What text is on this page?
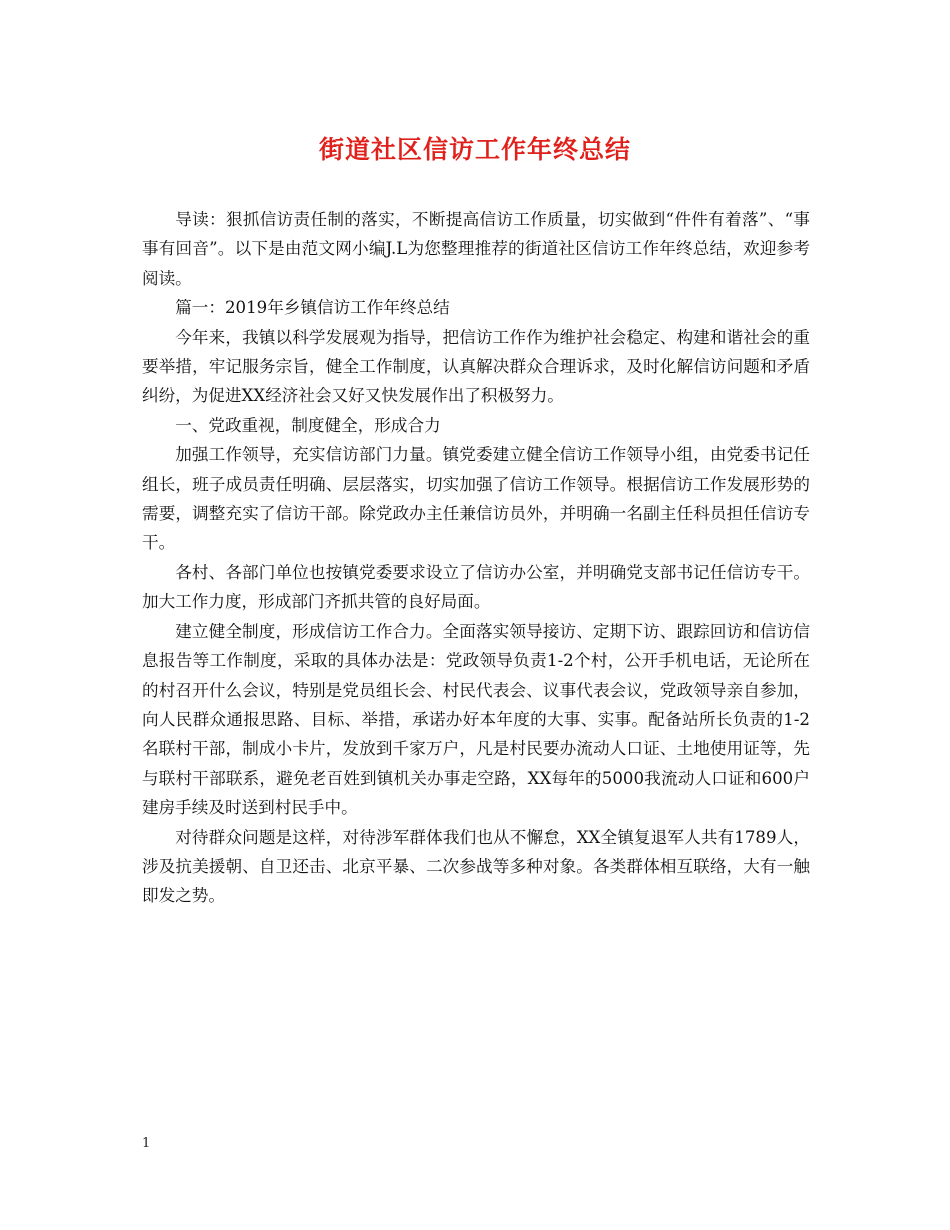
街道社区信访工作年终总结

导读：狠抓信访责任制的落实，不断提高信访工作质量，切实做到“件件有着落”、“事事有回音”。以下是由范文网小编J.L为您整理推荐的街道社区信访工作年终总结，欢迎参考阅读。

篇一：2019年乡镇信访工作年终总结

今年来，我镇以科学发展观为指导，把信访工作作为维护社会稳定、构建和谐社会的重要举措，牢记服务宗旨，健全工作制度，认真解决群众合理诉求，及时化解信访问题和矛盾纠纷，为促进XX经济社会又好又快发展作出了积极努力。

一、党政重视，制度健全，形成合力

加强工作领导，充实信访部门力量。镇党委建立健全信访工作领导小组，由党委书记任组长，班子成员责任明确、层层落实，切实加强了信访工作领导。根据信访工作发展形势的需要，调整充实了信访干部。除党政办主任兼信访员外，并明确一名副主任科员担任信访专干。

各村、各部门单位也按镇党委要求设立了信访办公室，并明确党支部书记任信访专干。加大工作力度，形成部门齐抓共管的良好局面。

建立健全制度，形成信访工作合力。全面落实领导接访、定期下访、跟踪回访和信访信息报告等工作制度，采取的具体办法是：党政领导负责1-2个村，公开手机电话，无论所在的村召开什么会议，特别是党员组长会、村民代表会、议事代表会议，党政领导亲自参加，向人民群众通报思路、目标、举措，承诺办好本年度的大事、实事。配备站所长负责的1-2名联村干部，制成小卡片，发放到千家万户，凡是村民要办流动人口证、土地使用证等，先与联村干部联系，避免老百姓到镇机关办事走空路，XX每年的5000我流动人口证和600户建房手续及时送到村民手中。

对待群众问题是这样，对待涉军群体我们也从不懈怠，XX全镇复退军人共有1789人，涉及抗美援朝、自卫还击、北京平暴、二次参战等多种对象。各类群体相互联络，大有一触即发之势。

1
